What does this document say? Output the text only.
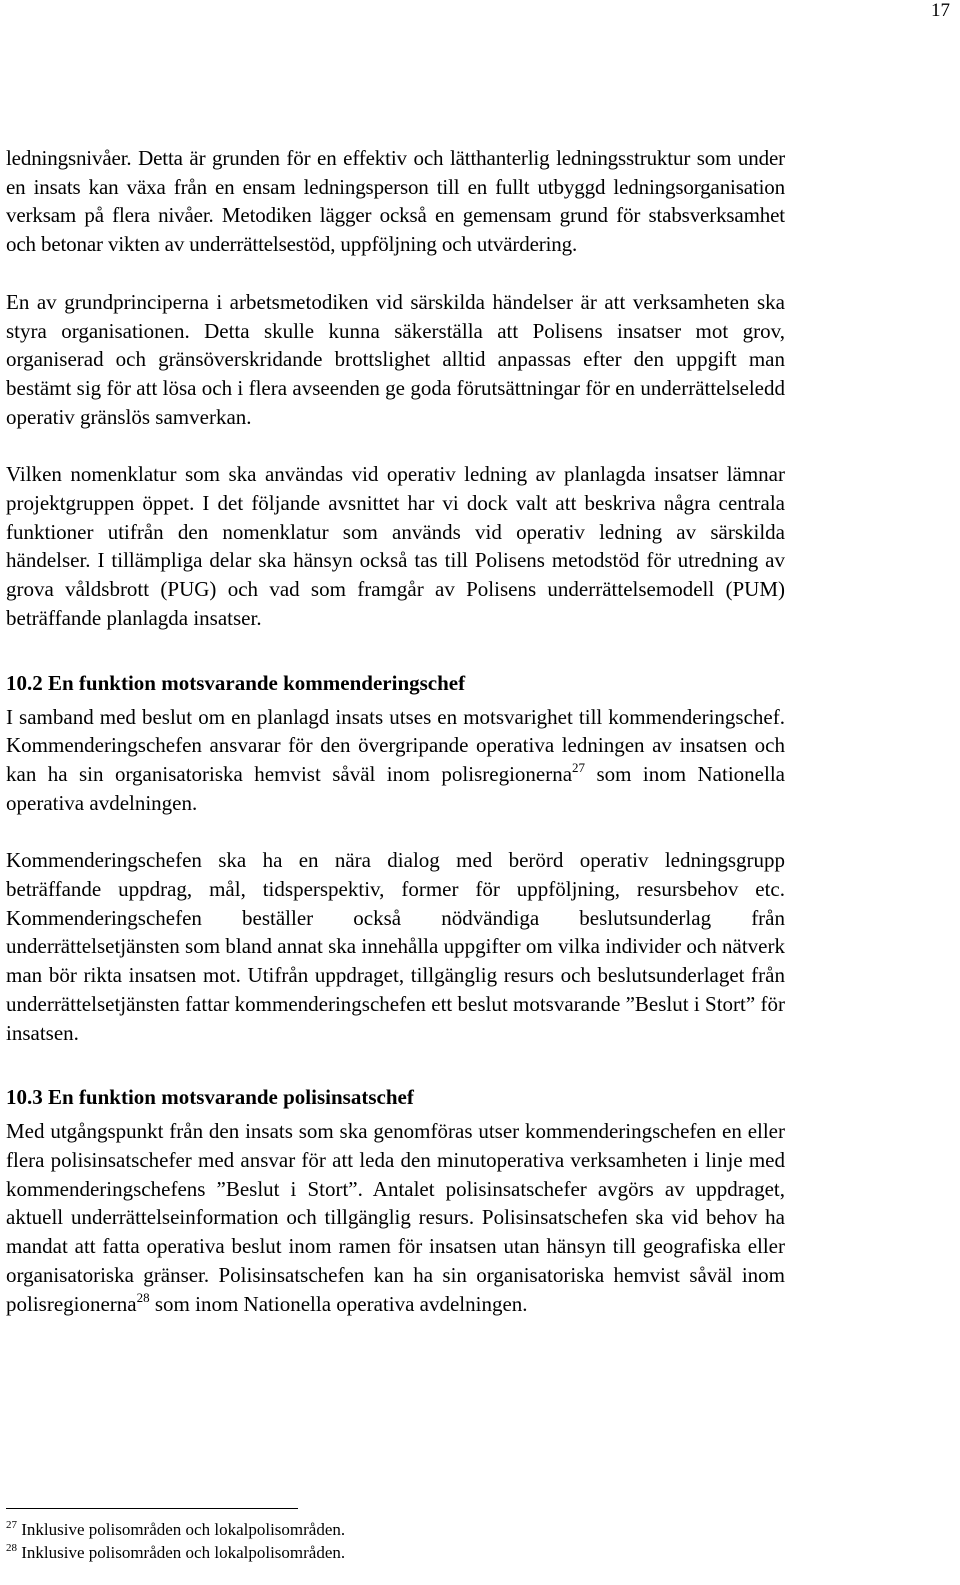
17

ledningsnivåer. Detta är grunden för en effektiv och lätthanterlig ledningsstruktur som under en insats kan växa från en ensam ledningsperson till en fullt utbyggd ledningsorganisation verksam på flera nivåer. Metodiken lägger också en gemensam grund för stabsverksamhet och betonar vikten av underrättelsestöd, uppföljning och utvärdering.

En av grundprinciperna i arbetsmetodiken vid särskilda händelser är att verksamheten ska styra organisationen. Detta skulle kunna säkerställa att Polisens insatser mot grov, organiserad och gränsöverskridande brottslighet alltid anpassas efter den uppgift man bestämt sig för att lösa och i flera avseenden ge goda förutsättningar för en underrättelseledd operativ gränslös samverkan.

Vilken nomenklatur som ska användas vid operativ ledning av planlagda insatser lämnar projektgruppen öppet. I det följande avsnittet har vi dock valt att beskriva några centrala funktioner utifrån den nomenklatur som används vid operativ ledning av särskilda händelser. I tillämpliga delar ska hänsyn också tas till Polisens metodstöd för utredning av grova våldsbrott (PUG) och vad som framgår av Polisens underrättelsemodell (PUM) beträffande planlagda insatser.

10.2 En funktion motsvarande kommenderingschef

I samband med beslut om en planlagd insats utses en motsvarighet till kommenderingschef. Kommenderingschefen ansvarar för den övergripande operativa ledningen av insatsen och kan ha sin organisatoriska hemvist såväl inom polisregionerna$^{27}$ som inom Nationella operativa avdelningen.

Kommenderingschefen ska ha en nära dialog med berörd operativ ledningsgrupp beträffande uppdrag, mål, tidsperspektiv, former för uppföljning, resursbehov etc. Kommenderingschefen beställer också nödvändiga beslutsunderlag från underrättelsetjänsten som bland annat ska innehålla uppgifter om vilka individer och nätverk man bör rikta insatsen mot. Utifrån uppdraget, tillgänglig resurs och beslutsunderlaget från underrättelsetjänsten fattar kommenderingschefen ett beslut motsvarande ”Beslut i Stort” för insatsen.

10.3 En funktion motsvarande polisinsatschef

Med utgångspunkt från den insats som ska genomföras utser kommenderingschefen en eller flera polisinsatschefer med ansvar för att leda den minutoperativa verksamheten i linje med kommenderingschefens ”Beslut i Stort”. Antalet polisinsatschefer avgörs av uppdraget, aktuell underrättelseinformation och tillgänglig resurs. Polisinsatschefen ska vid behov ha mandat att fatta operativa beslut inom ramen för insatsen utan hänsyn till geografiska eller organisatoriska gränser. Polisinsatschefen kan ha sin organisatoriska hemvist såväl inom polisregionerna$^{28}$ som inom Nationella operativa avdelningen.

$^{27}$ Inklusive polisområden och lokalpolisområden.

$^{28}$ Inklusive polisområden och lokalpolisområden.
